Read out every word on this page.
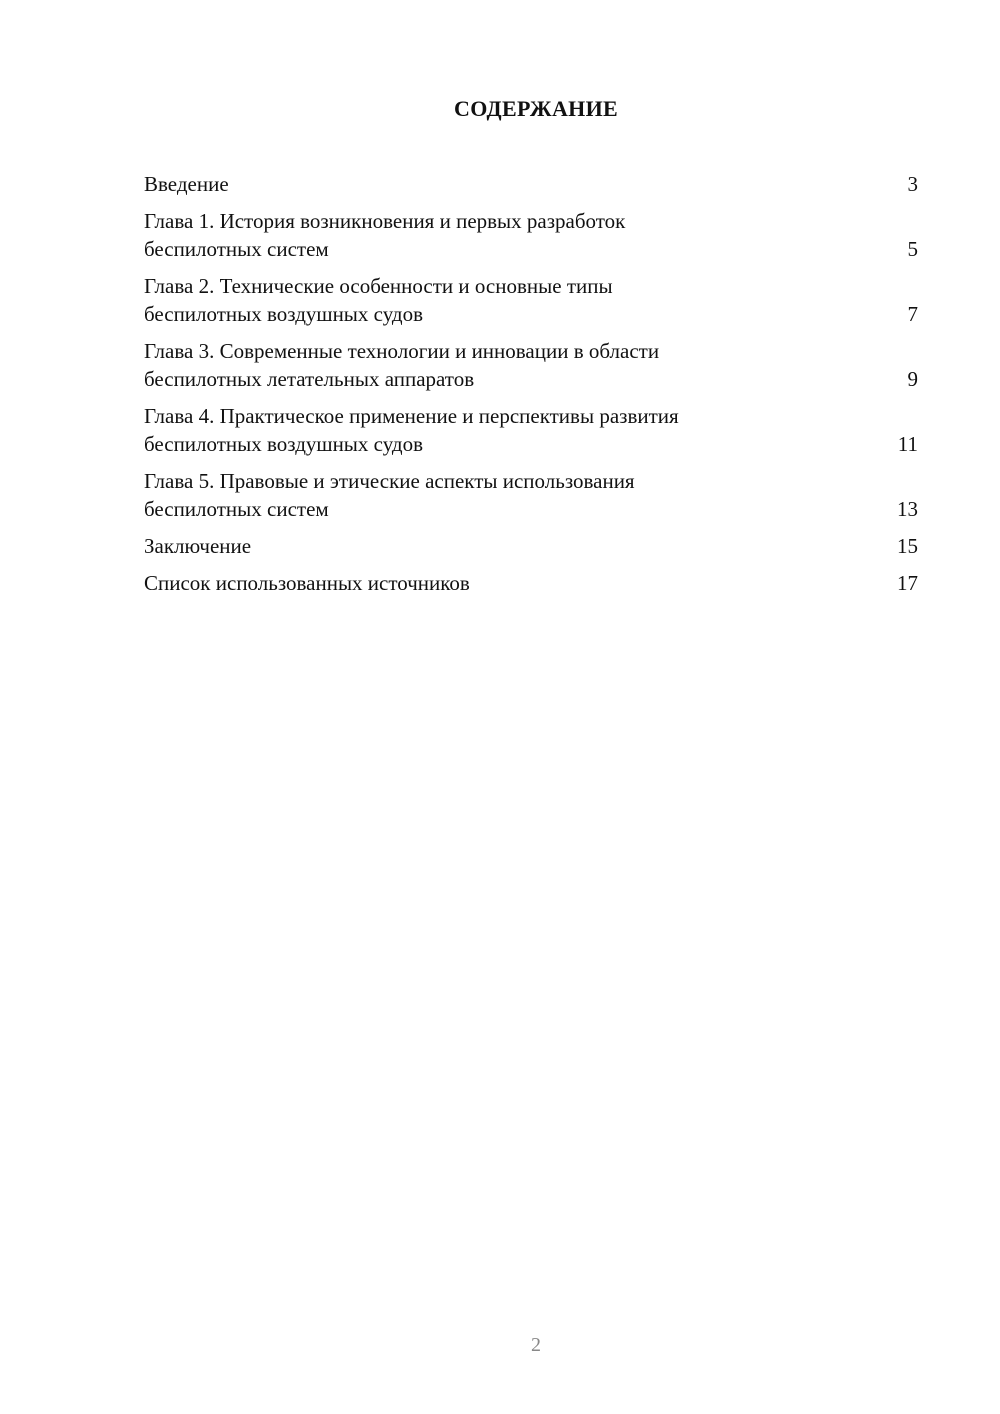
СОДЕРЖАНИЕ
Введение	3
Глава 1. История возникновения и первых разработок
беспилотных систем	5
Глава 2. Технические особенности и основные типы
беспилотных воздушных судов	7
Глава 3. Современные технологии и инновации в области
беспилотных летательных аппаратов	9
Глава 4. Практическое применение и перспективы развития
беспилотных воздушных судов	11
Глава 5. Правовые и этические аспекты использования
беспилотных систем	13
Заключение	15
Список использованных источников	17
2
